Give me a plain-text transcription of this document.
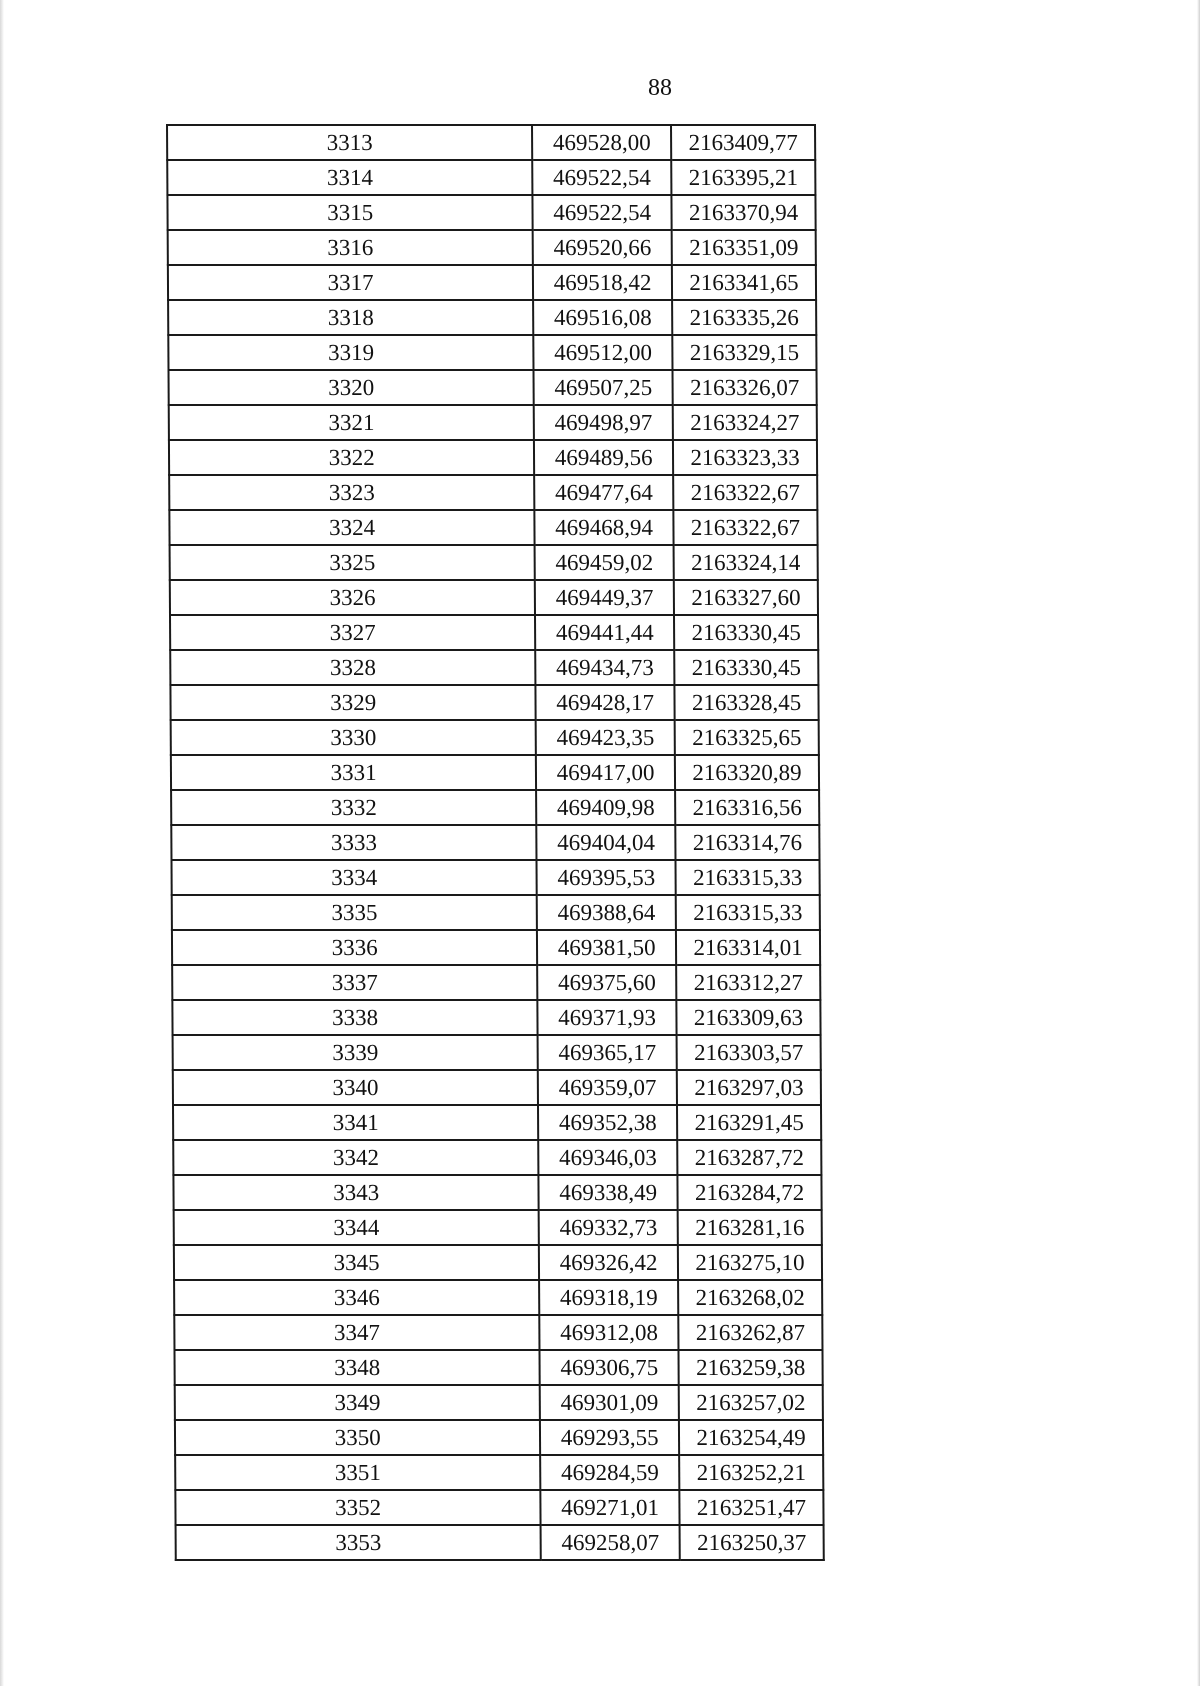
88
3313	469528,00	2163409,77
3314	469522,54	2163395,21
3315	469522,54	2163370,94
3316	469520,66	2163351,09
3317	469518,42	2163341,65
3318	469516,08	2163335,26
3319	469512,00	2163329,15
3320	469507,25	2163326,07
3321	469498,97	2163324,27
3322	469489,56	2163323,33
3323	469477,64	2163322,67
3324	469468,94	2163322,67
3325	469459,02	2163324,14
3326	469449,37	2163327,60
3327	469441,44	2163330,45
3328	469434,73	2163330,45
3329	469428,17	2163328,45
3330	469423,35	2163325,65
3331	469417,00	2163320,89
3332	469409,98	2163316,56
3333	469404,04	2163314,76
3334	469395,53	2163315,33
3335	469388,64	2163315,33
3336	469381,50	2163314,01
3337	469375,60	2163312,27
3338	469371,93	2163309,63
3339	469365,17	2163303,57
3340	469359,07	2163297,03
3341	469352,38	2163291,45
3342	469346,03	2163287,72
3343	469338,49	2163284,72
3344	469332,73	2163281,16
3345	469326,42	2163275,10
3346	469318,19	2163268,02
3347	469312,08	2163262,87
3348	469306,75	2163259,38
3349	469301,09	2163257,02
3350	469293,55	2163254,49
3351	469284,59	2163252,21
3352	469271,01	2163251,47
3353	469258,07	2163250,37
